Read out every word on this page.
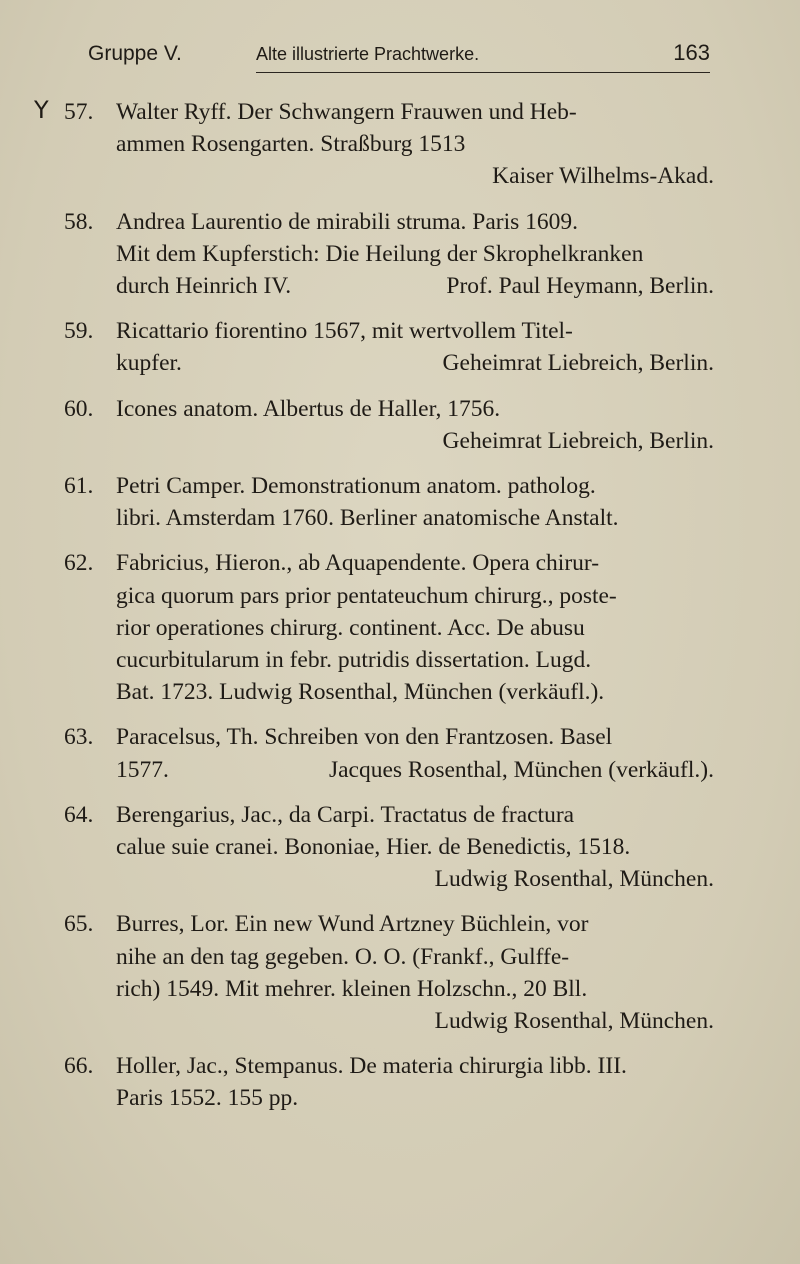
Gruppe V.	Alte illustrierte Prachtwerke.	163
Y 57. Walter Ryff. Der Schwangern Frauwen und Heb-
ammen Rosengarten. Straßburg 1513
Kaiser Wilhelms-Akad.
58. Andrea Laurentio de mirabili struma. Paris 1609.
Mit dem Kupferstich: Die Heilung der Skrophelkranken
durch Heinrich IV.	Prof. Paul Heymann, Berlin.
59. Ricattario fiorentino 1567, mit wertvollem Titel-
kupfer.	Geheimrat Liebreich, Berlin.
60. Icones anatom. Albertus de Haller, 1756.
Geheimrat Liebreich, Berlin.
61. Petri Camper. Demonstrationum anatom. patholog.
libri. Amsterdam 1760. Berliner anatomische Anstalt.
62. Fabricius, Hieron., ab Aquapendente. Opera chirur-
gica quorum pars prior pentateuchum chirurg., poste-
rior operationes chirurg. continent. Acc. De abusu
cucurbitularum in febr. putridis dissertation. Lugd.
Bat. 1723. Ludwig Rosenthal, München (verkäufl.).
63. Paracelsus, Th. Schreiben von den Frantzosen. Basel
1577.	Jacques Rosenthal, München (verkäufl.).
64. Berengarius, Jac., da Carpi. Tractatus de fractura
calue suie cranei. Bononiae, Hier. de Benedictis, 1518.
Ludwig Rosenthal, München.
65. Burres, Lor. Ein new Wund Artzney Büchlein, vor
nihe an den tag gegeben. O. O. (Frankf., Gulffe-
rich) 1549. Mit mehrer. kleinen Holzschn., 20 Bll.
Ludwig Rosenthal, München.
66. Holler, Jac., Stempanus. De materia chirurgia libb. III.
Paris 1552. 155 pp.
